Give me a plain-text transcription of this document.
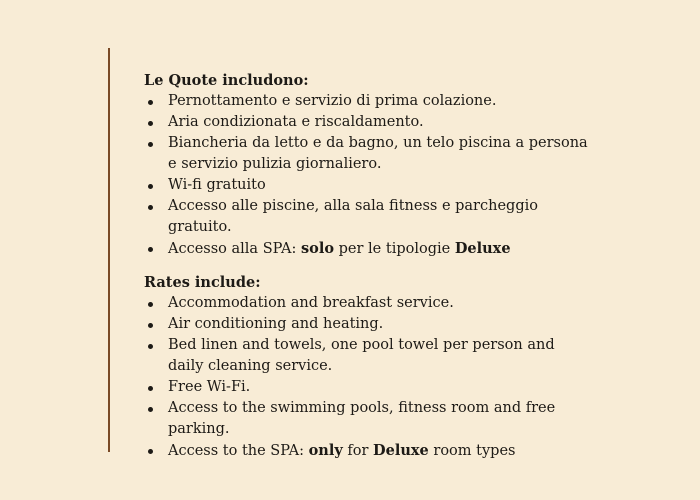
Le Quote includono:

Pernottamento e servizio di prima colazione.
Aria condizionata e riscaldamento.
Biancheria da letto e da bagno, un telo piscina a persona e servizio pulizia giornaliero.
Wi-fi gratuito
Accesso alle piscine, alla sala fitness e parcheggio gratuito.
Accesso alla SPA: solo per le tipologie Deluxe

Rates include:

Accommodation and breakfast service.
Air conditioning and heating.
Bed linen and towels, one pool towel per person and daily cleaning service.
Free Wi-Fi.
Access to the swimming pools, fitness room and free parking.
Access to the SPA: only for Deluxe room types
